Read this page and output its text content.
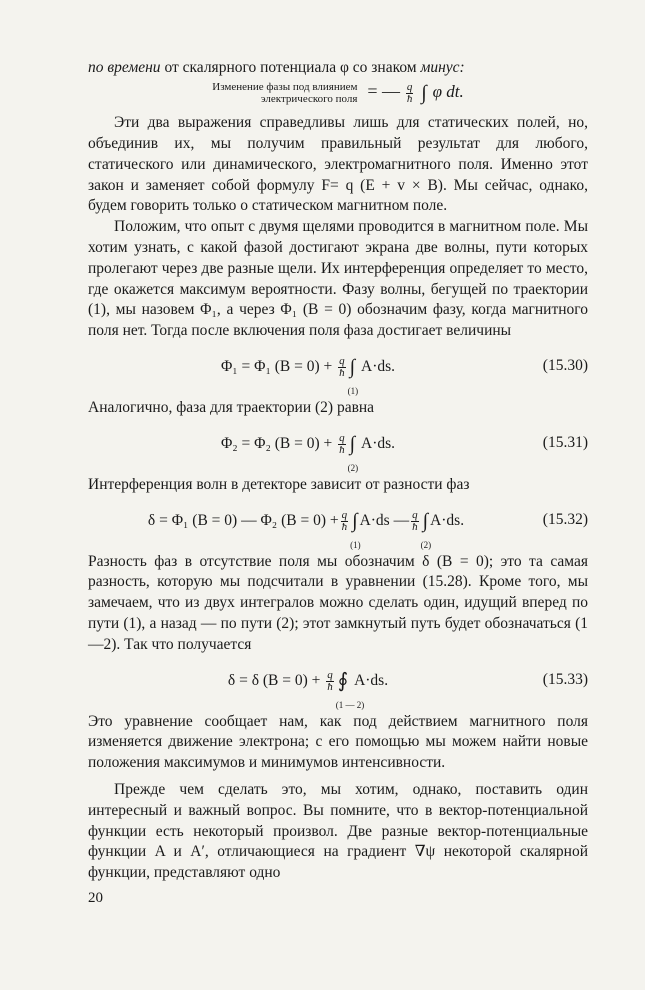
по времени от скалярного потенциала φ со знаком минус:

Изменение фазы под влиянием
электрического поля = — $\frac{q}{ħ}$ ∫ φ dt.

Эти два выражения справедливы лишь для статических полей, но, объединив их, мы получим правильный результат для любого, статического или динамического, электромагнитного поля. Именно этот закон и заменяет собой формулу F= q (E + v × B). Мы сейчас, однако, будем говорить только о статическом магнитном поле.

Положим, что опыт с двумя щелями проводится в магнитном поле. Мы хотим узнать, с какой фазой достигают экрана две волны, пути которых пролегают через две разные щели. Их интерференция определяет то место, где окажется максимум вероятности. Фазу волны, бегущей по траектории (1), мы назовем Φ₁, а через Φ₁ (B = 0) обозначим фазу, когда магнитного поля нет. Тогда после включения поля фаза достигает величины

Φ₁ = Φ₁ $(B = 0) + \frac{q}{ħ}$ ∫
(1)
A·ds.	(15.30)

Аналогично, фаза для траектории (2) равна

Φ₂ = Φ₂ $(B = 0) + \frac{q}{ħ}$ ∫
(2)
A·ds.	(15.31)

Интерференция волн в детекторе зависит от разности фаз

δ = Φ₁ (B = 0) — Φ₂ $(B = 0) + \frac{q}{ħ}$ ∫
(1)
A·ds — $\frac{q}{ħ}$ ∫
(2)
A·ds.	(15.32)

Разность фаз в отсутствие поля мы обозначим δ (B = 0); это та самая разность, которую мы подсчитали в уравнении (15.28). Кроме того, мы замечаем, что из двух интегралов можно сделать один, идущий вперед по пути (1), а назад — по пути (2); этот замкнутый путь будет обозначаться (1—2). Так что получается

δ = δ $(B = 0) + \frac{q}{ħ}$ ∮
(1 — 2)
A·ds.	(15.33)

Это уравнение сообщает нам, как под действием магнитного поля изменяется движение электрона; с его помощью мы можем найти новые положения максимумов и минимумов интенсивности.

Прежде чем сделать это, мы хотим, однако, поставить один интересный и важный вопрос. Вы помните, что в вектор-потенциальной функции есть некоторый произвол. Две разные вектор-потенциальные функции A и A′, отличающиеся на градиент ∇ψ некоторой скалярной функции, представляют одно

20
